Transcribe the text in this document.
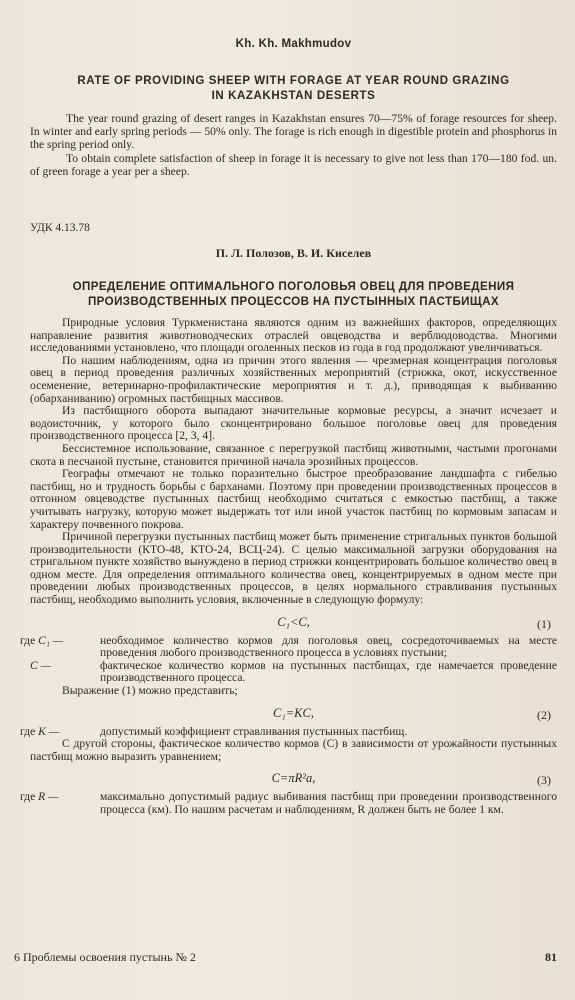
Kh. Kh. Makhmudov
RATE OF PROVIDING SHEEP WITH FORAGE AT YEAR ROUND GRAZING
IN KAZAKHSTAN DESERTS

The year round grazing of desert ranges in Kazakhstan ensures 70—75% of forage resources for sheep. In winter and early spring periods — 50% only. The forage is rich enough in digestible protein and phosphorus in the spring period only.

To obtain complete satisfaction of sheep in forage it is necessary to give not less than 170—180 fod. un. of green forage a year per a sheep.

УДК 4.13.78
П. Л. Полозов, В. И. Киселев
ОПРЕДЕЛЕНИЕ ОПТИМАЛЬНОГО ПОГОЛОВЬЯ ОВЕЦ ДЛЯ ПРОВЕДЕНИЯ
ПРОИЗВОДСТВЕННЫХ ПРОЦЕССОВ НА ПУСТЫННЫХ ПАСТБИЩАХ

Природные условия Туркменистана являются одним из важнейших факторов, определяющих направление развития животноводческих отраслей овцеводства и верблюдоводства. Многими исследованиями установлено, что площади оголенных песков из года в год продолжают увеличиваться.

По нашим наблюдениям, одна из причин этого явления — чрезмерная концентрация поголовья овец в период проведения различных хозяйственных мероприятий (стрижка, окот, искусственное осеменение, ветеринарно-профилактические мероприятия и т. д.), приводящая к выбиванию (обарханиванию) огромных пастбищных массивов.

Из пастбищного оборота выпадают значительные кормовые ресурсы, а значит исчезает и водоисточник, у которого было сконцентрировано большое поголовье овец для проведения производственного процесса [2, 3, 4].

Бессистемное использование, связанное с перегрузкой пастбищ животными, частыми прогонами скота в песчаной пустыне, становится причиной начала эрозийных процессов.

Географы отмечают не только поразительно быстрое преобразование ландшафта с гибелью пастбищ, но и трудность борьбы с барханами. Поэтому при проведении производственных процессов в отгонном овцеводстве пустынных пастбищ необходимо считаться с емкостью пастбищ, а также учитывать нагрузку, которую может выдержать тот или иной участок пастбищ по кормовым запасам и характеру почвенного покрова.

Причиной перегрузки пустынных пастбищ может быть применение стригальных пунктов большой производительности (КТО-48, КТО-24, ВСЦ-24). С целью максимальной загрузки оборудования на стригальном пункте хозяйство вынуждено в период стрижки концентрировать большое количество овец в одном месте. Для определения оптимального количества овец, концентрируемых в одном месте при проведении любых производственных процессов, в целях нормального стравливания пустынных пастбищ, необходимо выполнить условия, включенные в следующую формулу:

C₁<C,	(1)
где C₁ —	необходимое количество кормов для поголовья овец, сосредоточиваемых на месте проведения любого производственного процесса в условиях пустыни;
C —	фактическое количество кормов на пустынных пастбищах, где намечается проведение производственного процесса.

Выражение (1) можно представить;

C₁=KC,	(2)
где K —	допустимый коэффициент стравливания пустынных пастбищ.

С другой стороны, фактическое количество кормов (C) в зависимости от урожайности пустынных пастбищ можно выразить уравнением;

C=πR²a,	(3)
где R —	максимально допустимый радиус выбивания пастбищ при проведении производственного процесса (км). По нашим расчетам и наблюдениям, R должен быть не более 1 км.
6 Проблемы освоения пустынь № 2	81
